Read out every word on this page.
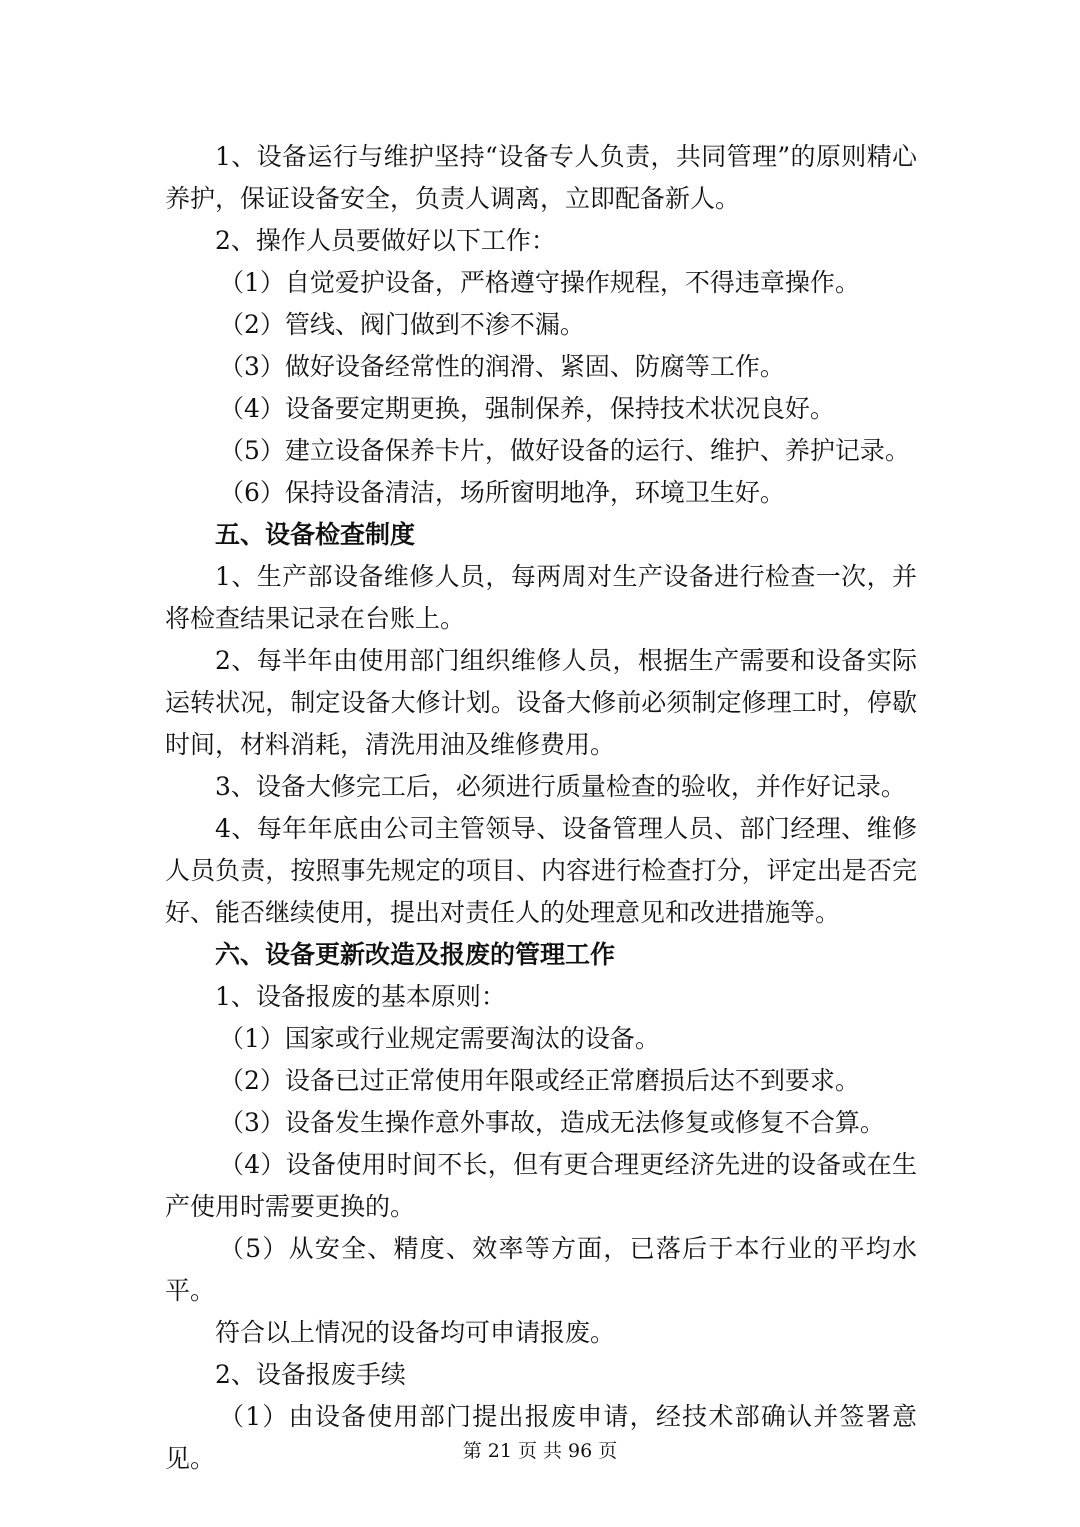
1、设备运行与维护坚持“设备专人负责，共同管理”的原则精心养护，保证设备安全，负责人调离，立即配备新人。

2、操作人员要做好以下工作：

（1）自觉爱护设备，严格遵守操作规程，不得违章操作。

（2）管线、阀门做到不渗不漏。

（3）做好设备经常性的润滑、紧固、防腐等工作。

（4）设备要定期更换，强制保养，保持技术状况良好。

（5）建立设备保养卡片，做好设备的运行、维护、养护记录。

（6）保持设备清洁，场所窗明地净，环境卫生好。

五、设备检查制度

1、生产部设备维修人员，每两周对生产设备进行检查一次，并将检查结果记录在台账上。

2、每半年由使用部门组织维修人员，根据生产需要和设备实际运转状况，制定设备大修计划。设备大修前必须制定修理工时，停歇时间，材料消耗，清洗用油及维修费用。

3、设备大修完工后，必须进行质量检查的验收，并作好记录。

4、每年年底由公司主管领导、设备管理人员、部门经理、维修人员负责，按照事先规定的项目、内容进行检查打分，评定出是否完好、能否继续使用，提出对责任人的处理意见和改进措施等。

六、设备更新改造及报废的管理工作

1、设备报废的基本原则：

（1）国家或行业规定需要淘汰的设备。

（2）设备已过正常使用年限或经正常磨损后达不到要求。

（3）设备发生操作意外事故，造成无法修复或修复不合算。

（4）设备使用时间不长，但有更合理更经济先进的设备或在生产使用时需要更换的。

（5）从安全、精度、效率等方面，已落后于本行业的平均水平。

符合以上情况的设备均可申请报废。

2、设备报废手续

（1）由设备使用部门提出报废申请，经技术部确认并签署意见。	第 21 页 共 96 页
